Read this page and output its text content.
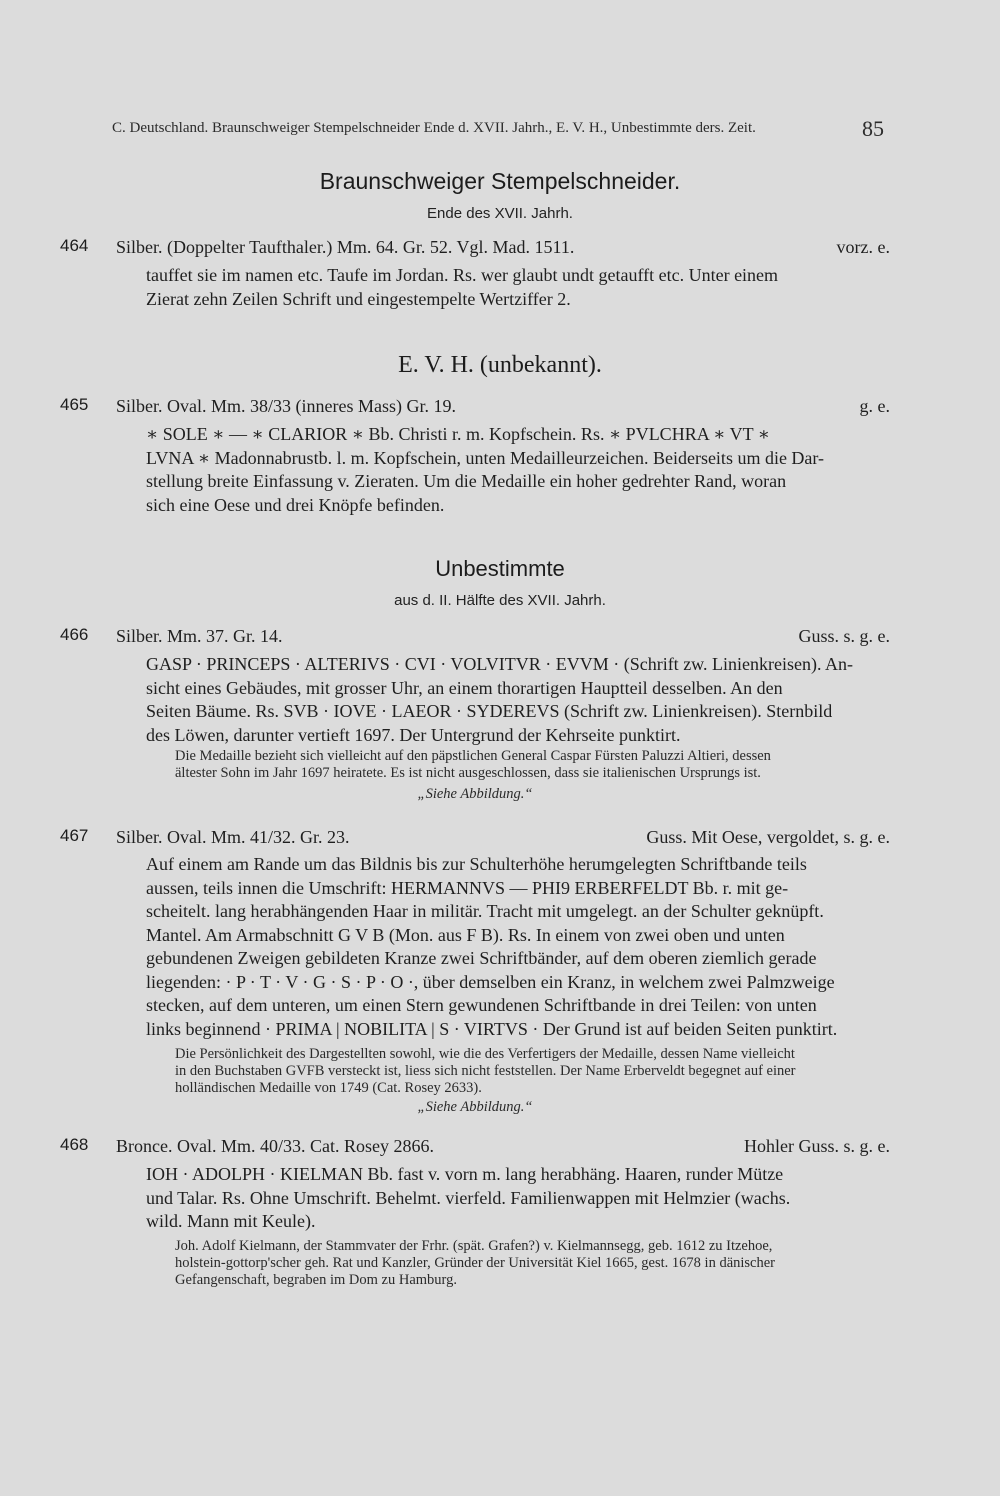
C. Deutschland. Braunschweiger Stempelschneider Ende d. XVII. Jahrh., E. V. H., Unbestimmte ders. Zeit.	85
Braunschweiger Stempelschneider.
Ende des XVII. Jahrh.
464	Silber. (Doppelter Taufthaler.) Mm. 64. Gr. 52. Vgl. Mad. 1511.	vorz. e.
tauffet sie im namen etc. Taufe im Jordan. Rs. wer glaubt undt getaufft etc. Unter einem
Zierat zehn Zeilen Schrift und eingestempelte Wertziffer 2.
E. V. H. (unbekannt).
465	Silber. Oval. Mm. 38/33 (inneres Mass) Gr. 19.	g. e.
∗ SOLE ∗ — ∗ CLARIOR ∗ Bb. Christi r. m. Kopfschein. Rs. ∗ PVLCHRA ∗ VT ∗
LVNA ∗ Madonnabrustb. l. m. Kopfschein, unten Medailleurzeichen. Beiderseits um die Dar-
stellung breite Einfassung v. Zieraten. Um die Medaille ein hoher gedrehter Rand, woran
sich eine Oese und drei Knöpfe befinden.
Unbestimmte
aus d. II. Hälfte des XVII. Jahrh.
466	Silber. Mm. 37. Gr. 14.	Guss. s. g. e.
GASP · PRINCEPS · ALTERIVS · CVI · VOLVITVR · EVVM · (Schrift zw. Linienkreisen). An-
sicht eines Gebäudes, mit grosser Uhr, an einem thorartigen Hauptteil desselben. An den
Seiten Bäume. Rs. SVB · IOVE · LAEOR · SYDEREVS (Schrift zw. Linienkreisen). Sternbild
des Löwen, darunter vertieft 1697. Der Untergrund der Kehrseite punktirt.
Die Medaille bezieht sich vielleicht auf den päpstlichen General Caspar Fürsten Paluzzi Altieri, dessen
ältester Sohn im Jahr 1697 heiratete. Es ist nicht ausgeschlossen, dass sie italienischen Ursprungs ist.
„Siehe Abbildung.“
467	Silber. Oval. Mm. 41/32. Gr. 23.	Guss. Mit Oese, vergoldet, s. g. e.
Auf einem am Rande um das Bildnis bis zur Schulterhöhe herumgelegten Schriftbande teils
aussen, teils innen die Umschrift: HERMANNVS — PHI9 ERBERFELDT Bb. r. mit ge-
scheitelt. lang herabhängenden Haar in militär. Tracht mit umgelegt. an der Schulter geknüpft.
Mantel. Am Armabschnitt G V B (Mon. aus F B). Rs. In einem von zwei oben und unten
gebundenen Zweigen gebildeten Kranze zwei Schriftbänder, auf dem oberen ziemlich gerade
liegenden: · P · T · V · G · S · P · O ·, über demselben ein Kranz, in welchem zwei Palmzweige
stecken, auf dem unteren, um einen Stern gewundenen Schriftbande in drei Teilen: von unten
links beginnend · PRIMA | NOBILITA | S · VIRTVS · Der Grund ist auf beiden Seiten punktirt.
Die Persönlichkeit des Dargestellten sowohl, wie die des Verfertigers der Medaille, dessen Name vielleicht
in den Buchstaben GVFB versteckt ist, liess sich nicht feststellen. Der Name Erberveldt begegnet auf einer
holländischen Medaille von 1749 (Cat. Rosey 2633).
„Siehe Abbildung.“
468	Bronce. Oval. Mm. 40/33. Cat. Rosey 2866.	Hohler Guss. s. g. e.
IOH · ADOLPH · KIELMAN Bb. fast v. vorn m. lang herabhäng. Haaren, runder Mütze
und Talar. Rs. Ohne Umschrift. Behelmt. vierfeld. Familienwappen mit Helmzier (wachs.
wild. Mann mit Keule).
Joh. Adolf Kielmann, der Stammvater der Frhr. (spät. Grafen?) v. Kielmannsegg, geb. 1612 zu Itzehoe,
holstein-gottorp'scher geh. Rat und Kanzler, Gründer der Universität Kiel 1665, gest. 1678 in dänischer
Gefangenschaft, begraben im Dom zu Hamburg.
